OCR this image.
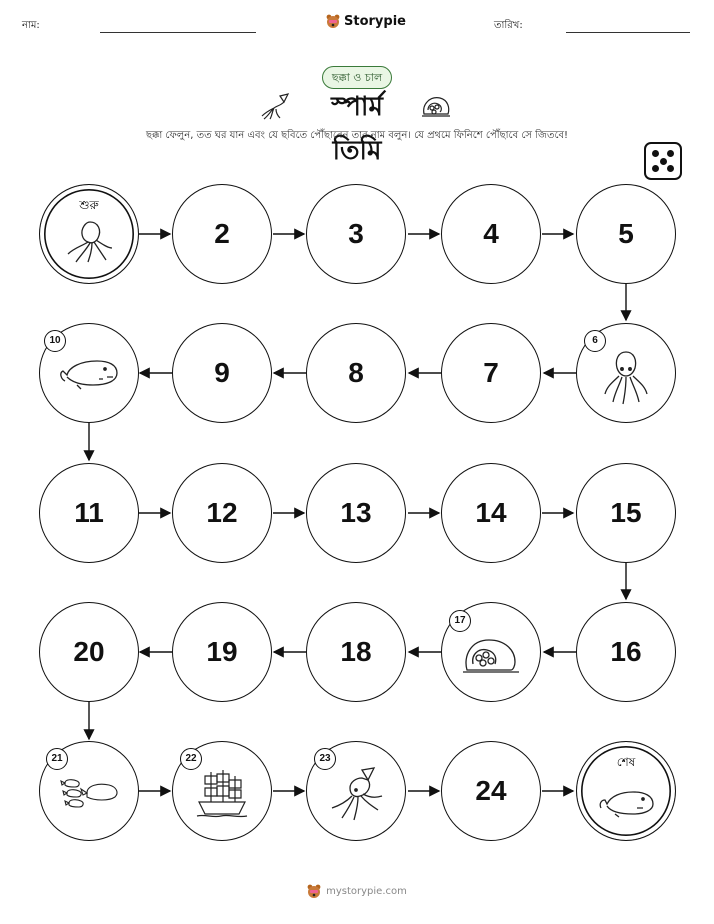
নাম:	Storypie	তারিখ:
ছক্কা ও চাল
স্পার্ম তিমি
ছক্কা ফেলুন, তত ঘর যান এবং যে ছবিতে পৌঁছাবেন তার নাম বলুন। যে প্রথমে ফিনিশে পৌঁছাবে সে জিতবে!
শুরু
2	3	4	5
10
9	8	7
6
11	12	13	14	15
20	19	18
17
16
21	22	23
24
শেষ
mystorypie.com
